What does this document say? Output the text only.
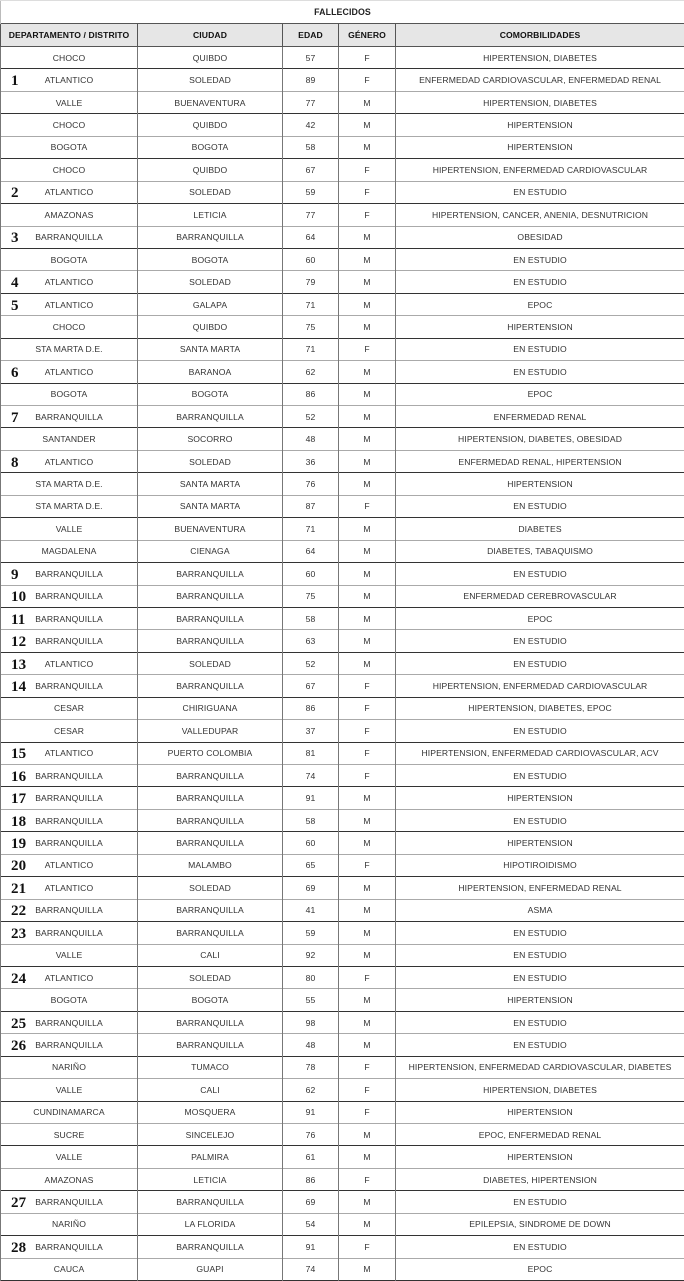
FALLECIDOS				
DEPARTAMENTO / DISTRITO	CIUDAD	EDAD	GÉNERO	COMORBILIDADES
CHOCO	QUIBDO	57	F	HIPERTENSION, DIABETES

1 ATLANTICO	SOLEDAD	89	F	ENFERMEDAD CARDIOVASCULAR, ENFERMEDAD RENAL
VALLE	BUENAVENTURA	77	M	HIPERTENSION, DIABETES
CHOCO	QUIBDO	42	M	HIPERTENSION
BOGOTA	BOGOTA	58	M	HIPERTENSION
CHOCO	QUIBDO	67	F	HIPERTENSION, ENFERMEDAD CARDIOVASCULAR

2 ATLANTICO	SOLEDAD	59	F	EN ESTUDIO
AMAZONAS	LETICIA	77	F	HIPERTENSION, CANCER, ANENIA, DESNUTRICION

3 BARRANQUILLA	BARRANQUILLA	64	M	OBESIDAD
BOGOTA	BOGOTA	60	M	EN ESTUDIO

4 ATLANTICO	SOLEDAD	79	M	EN ESTUDIO

5 ATLANTICO	GALAPA	71	M	EPOC
CHOCO	QUIBDO	75	M	HIPERTENSION
STA MARTA D.E.	SANTA MARTA	71	F	EN ESTUDIO

6 ATLANTICO	BARANOA	62	M	EN ESTUDIO
BOGOTA	BOGOTA	86	M	EPOC

7 BARRANQUILLA	BARRANQUILLA	52	M	ENFERMEDAD RENAL
SANTANDER	SOCORRO	48	M	HIPERTENSION, DIABETES, OBESIDAD

8 ATLANTICO	SOLEDAD	36	M	ENFERMEDAD RENAL, HIPERTENSION
STA MARTA D.E.	SANTA MARTA	76	M	HIPERTENSION
STA MARTA D.E.	SANTA MARTA	87	F	EN ESTUDIO
VALLE	BUENAVENTURA	71	M	DIABETES
MAGDALENA	CIENAGA	64	M	DIABETES, TABAQUISMO

9 BARRANQUILLA	BARRANQUILLA	60	M	EN ESTUDIO

10 BARRANQUILLA	BARRANQUILLA	75	M	ENFERMEDAD CEREBROVASCULAR

11 BARRANQUILLA	BARRANQUILLA	58	M	EPOC

12 BARRANQUILLA	BARRANQUILLA	63	M	EN ESTUDIO

13 ATLANTICO	SOLEDAD	52	M	EN ESTUDIO

14 BARRANQUILLA	BARRANQUILLA	67	F	HIPERTENSION, ENFERMEDAD CARDIOVASCULAR
CESAR	CHIRIGUANA	86	F	HIPERTENSION, DIABETES, EPOC
CESAR	VALLEDUPAR	37	F	EN ESTUDIO

15 ATLANTICO	PUERTO COLOMBIA	81	F	HIPERTENSION, ENFERMEDAD CARDIOVASCULAR, ACV

16 BARRANQUILLA	BARRANQUILLA	74	F	EN ESTUDIO

17 BARRANQUILLA	BARRANQUILLA	91	M	HIPERTENSION

18 BARRANQUILLA	BARRANQUILLA	58	M	EN ESTUDIO

19 BARRANQUILLA	BARRANQUILLA	60	M	HIPERTENSION

20 ATLANTICO	MALAMBO	65	F	HIPOTIROIDISMO

21 ATLANTICO	SOLEDAD	69	M	HIPERTENSION, ENFERMEDAD RENAL

22 BARRANQUILLA	BARRANQUILLA	41	M	ASMA

23 BARRANQUILLA	BARRANQUILLA	59	M	EN ESTUDIO
VALLE	CALI	92	M	EN ESTUDIO

24 ATLANTICO	SOLEDAD	80	F	EN ESTUDIO
BOGOTA	BOGOTA	55	M	HIPERTENSION

25 BARRANQUILLA	BARRANQUILLA	98	M	EN ESTUDIO

26 BARRANQUILLA	BARRANQUILLA	48	M	EN ESTUDIO
NARIÑO	TUMACO	78	F	HIPERTENSION, ENFERMEDAD CARDIOVASCULAR, DIABETES
VALLE	CALI	62	F	HIPERTENSION, DIABETES
CUNDINAMARCA	MOSQUERA	91	F	HIPERTENSION
SUCRE	SINCELEJO	76	M	EPOC, ENFERMEDAD RENAL
VALLE	PALMIRA	61	M	HIPERTENSION
AMAZONAS	LETICIA	86	F	DIABETES, HIPERTENSION

27 BARRANQUILLA	BARRANQUILLA	69	M	EN ESTUDIO
NARIÑO	LA FLORIDA	54	M	EPILEPSIA, SINDROME DE DOWN

28 BARRANQUILLA	BARRANQUILLA	91	F	EN ESTUDIO
CAUCA	GUAPI	74	M	EPOC
